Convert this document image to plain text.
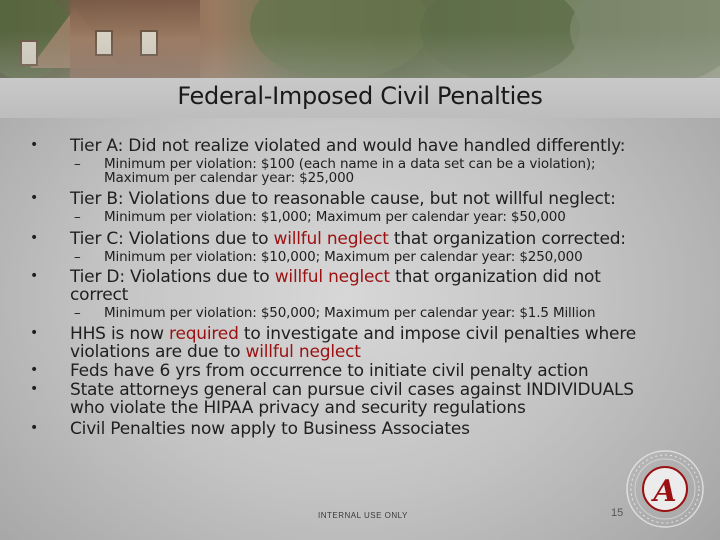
Federal-Imposed Civil Penalties
•	Tier A: Did not realize violated and would have handled differently:
– Minimum per violation: $100 (each name in a data set can be a violation);
Maximum per calendar year: $25,000
•	Tier B: Violations due to reasonable cause, but not willful neglect:
– Minimum per violation: $1,000; Maximum per calendar year: $50,000
•	Tier C: Violations due to willful neglect that organization corrected:
– Minimum per violation: $10,000; Maximum per calendar year: $250,000
•	Tier D: Violations due to willful neglect that organization did not
correct
– Minimum per violation: $50,000; Maximum per calendar year: $1.5 Million
•	HHS is now required to investigate and impose civil penalties where
violations are due to willful neglect
•	Feds have 6 yrs from occurrence to initiate civil penalty action
•	State attorneys general can pursue civil cases against INDIVIDUALS
who violate the HIPAA privacy and security regulations
•	Civil Penalties now apply to Business Associates
INTERNAL USE ONLY	15
A
